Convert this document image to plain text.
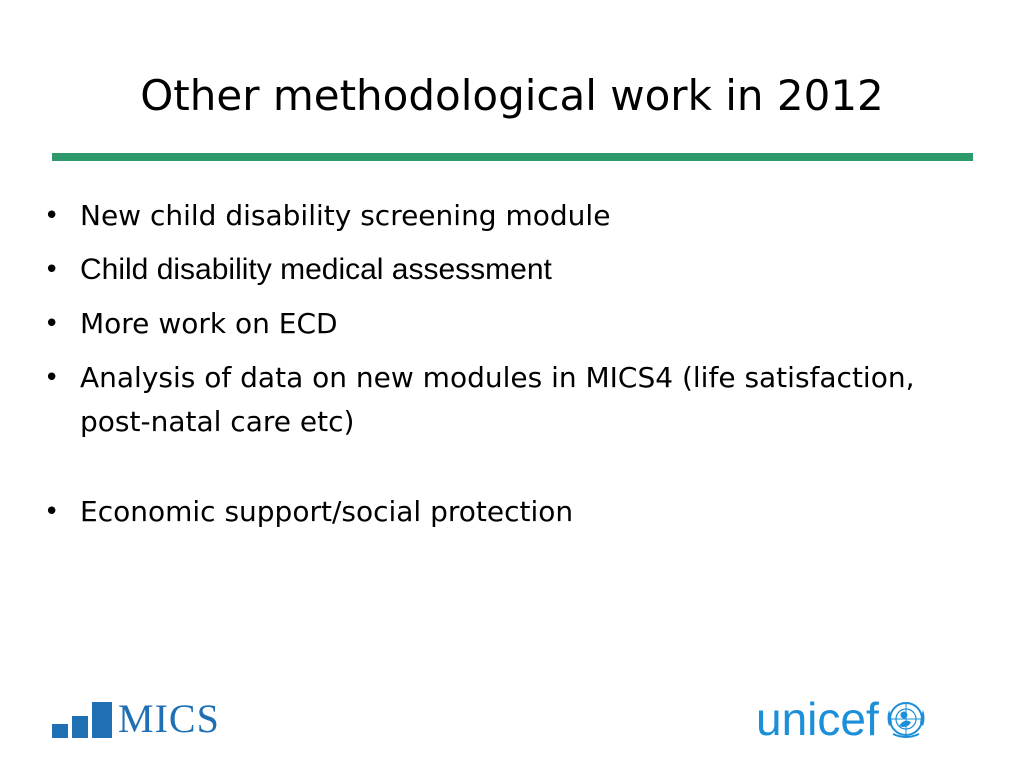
Other methodological work in 2012
• New child disability screening module
• Child disability medical assessment
• More work on ECD
• Analysis of data on new modules in MICS4 (life satisfaction, post-natal care etc)
• Economic support/social protection
MICS	unicef
